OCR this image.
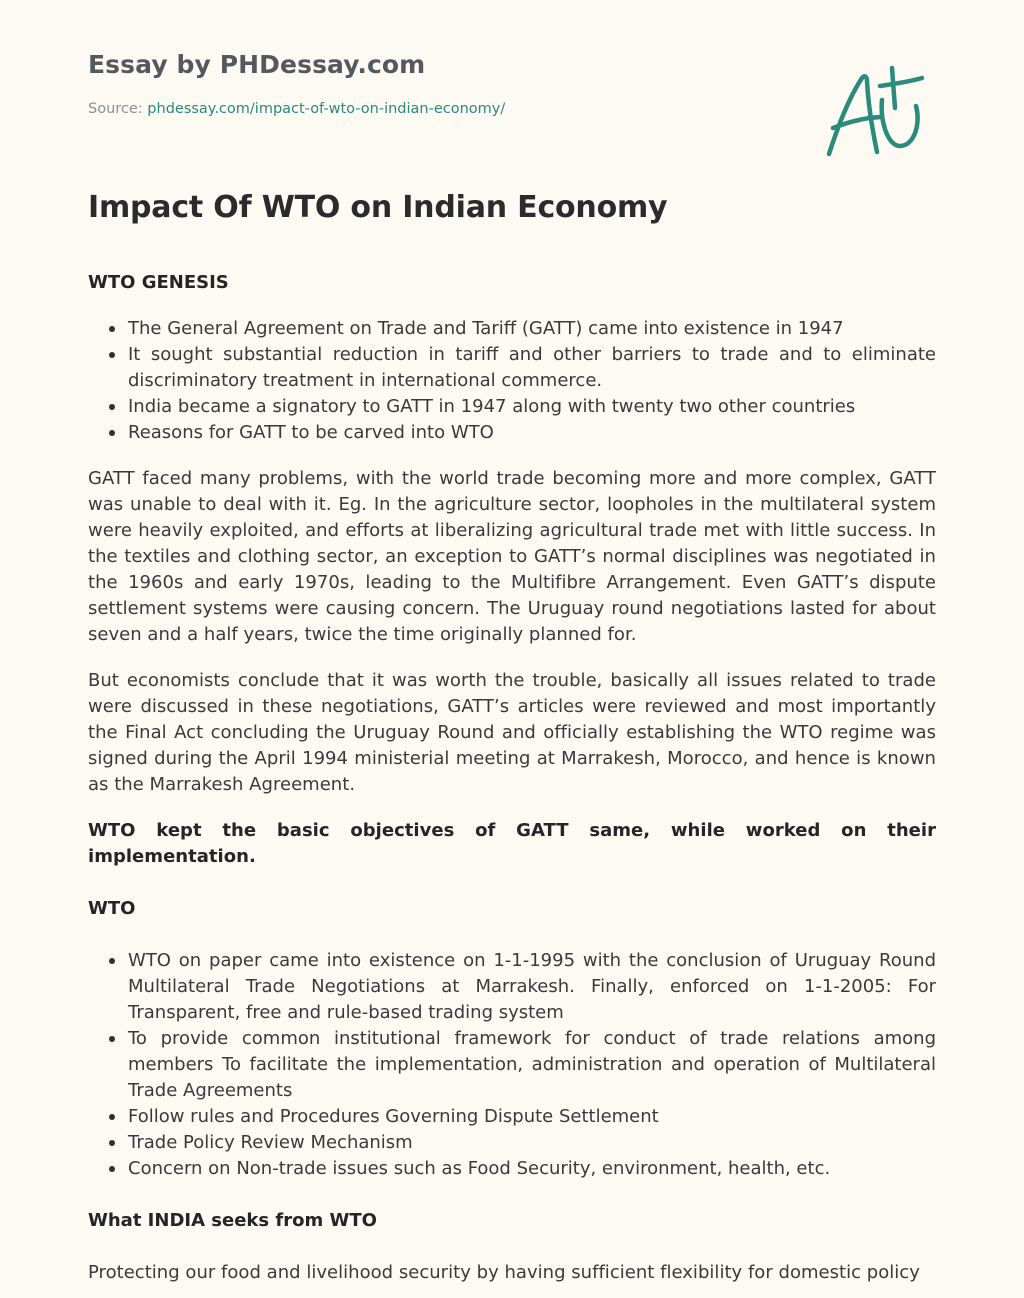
Essay by PHDessay.com
Source: phdessay.com/impact-of-wto-on-indian-economy/
Impact Of WTO on Indian Economy
WTO GENESIS
The General Agreement on Trade and Tariff (GATT) came into existence in 1947
It sought substantial reduction in tariff and other barriers to trade and to eliminate discriminatory treatment in international commerce.
India became a signatory to GATT in 1947 along with twenty two other countries
Reasons for GATT to be carved into WTO

GATT faced many problems, with the world trade becoming more and more complex, GATT was unable to deal with it. Eg. In the agriculture sector, loopholes in the multilateral system were heavily exploited, and efforts at liberalizing agricultural trade met with little success. In the textiles and clothing sector, an exception to GATT’s normal disciplines was negotiated in the 1960s and early 1970s, leading to the Multifibre Arrangement. Even GATT’s dispute settlement systems were causing concern. The Uruguay round negotiations lasted for about seven and a half years, twice the time originally planned for.

But economists conclude that it was worth the trouble, basically all issues related to trade were discussed in these negotiations, GATT’s articles were reviewed and most importantly the Final Act concluding the Uruguay Round and officially establishing the WTO regime was signed during the April 1994 ministerial meeting at Marrakesh, Morocco, and hence is known as the Marrakesh Agreement.

WTO kept the basic objectives of GATT same, while worked on their implementation.

WTO
WTO on paper came into existence on 1-1-1995 with the conclusion of Uruguay Round Multilateral Trade Negotiations at Marrakesh. Finally, enforced on 1-1-2005: For Transparent, free and rule-based trading system
To provide common institutional framework for conduct of trade relations among members To facilitate the implementation, administration and operation of Multilateral Trade Agreements
Follow rules and Procedures Governing Dispute Settlement
Trade Policy Review Mechanism
Concern on Non-trade issues such as Food Security, environment, health, etc.
What INDIA seeks from WTO

Protecting our food and livelihood security by having sufficient flexibility for domestic policy
